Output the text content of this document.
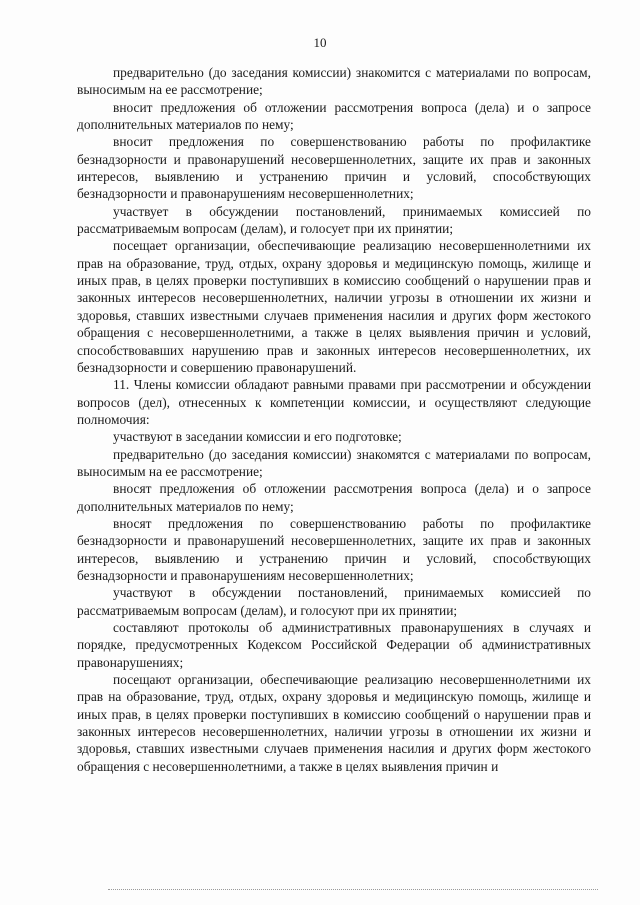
10

предварительно (до заседания комиссии) знакомится с материалами по вопросам, выносимым на ее рассмотрение;

вносит предложения об отложении рассмотрения вопроса (дела) и о запросе дополнительных материалов по нему;

вносит предложения по совершенствованию работы по профилактике безнадзорности и правонарушений несовершеннолетних, защите их прав и законных интересов, выявлению и устранению причин и условий, способствующих безнадзорности и правонарушениям несовершеннолетних;

участвует в обсуждении постановлений, принимаемых комиссией по рассматриваемым вопросам (делам), и голосует при их принятии;

посещает организации, обеспечивающие реализацию несовершеннолетними их прав на образование, труд, отдых, охрану здоровья и медицинскую помощь, жилище и иных прав, в целях проверки поступивших в комиссию сообщений о нарушении прав и законных интересов несовершеннолетних, наличии угрозы в отношении их жизни и здоровья, ставших известными случаев применения насилия и других форм жестокого обращения с несовершеннолетними, а также в целях выявления причин и условий, способствовавших нарушению прав и законных интересов несовершеннолетних, их безнадзорности и совершению правонарушений.

11. Члены комиссии обладают равными правами при рассмотрении и обсуждении вопросов (дел), отнесенных к компетенции комиссии, и осуществляют следующие полномочия:

участвуют в заседании комиссии и его подготовке;

предварительно (до заседания комиссии) знакомятся с материалами по вопросам, выносимым на ее рассмотрение;

вносят предложения об отложении рассмотрения вопроса (дела) и о запросе дополнительных материалов по нему;

вносят предложения по совершенствованию работы по профилактике безнадзорности и правонарушений несовершеннолетних, защите их прав и законных интересов, выявлению и устранению причин и условий, способствующих безнадзорности и правонарушениям несовершеннолетних;

участвуют в обсуждении постановлений, принимаемых комиссией по рассматриваемым вопросам (делам), и голосуют при их принятии;

составляют протоколы об административных правонарушениях в случаях и порядке, предусмотренных Кодексом Российской Федерации об административных правонарушениях;

посещают организации, обеспечивающие реализацию несовершеннолетними их прав на образование, труд, отдых, охрану здоровья и медицинскую помощь, жилище и иных прав, в целях проверки поступивших в комиссию сообщений о нарушении прав и законных интересов несовершеннолетних, наличии угрозы в отношении их жизни и здоровья, ставших известными случаев применения насилия и других форм жестокого обращения с несовершеннолетними, а также в целях выявления причин и
